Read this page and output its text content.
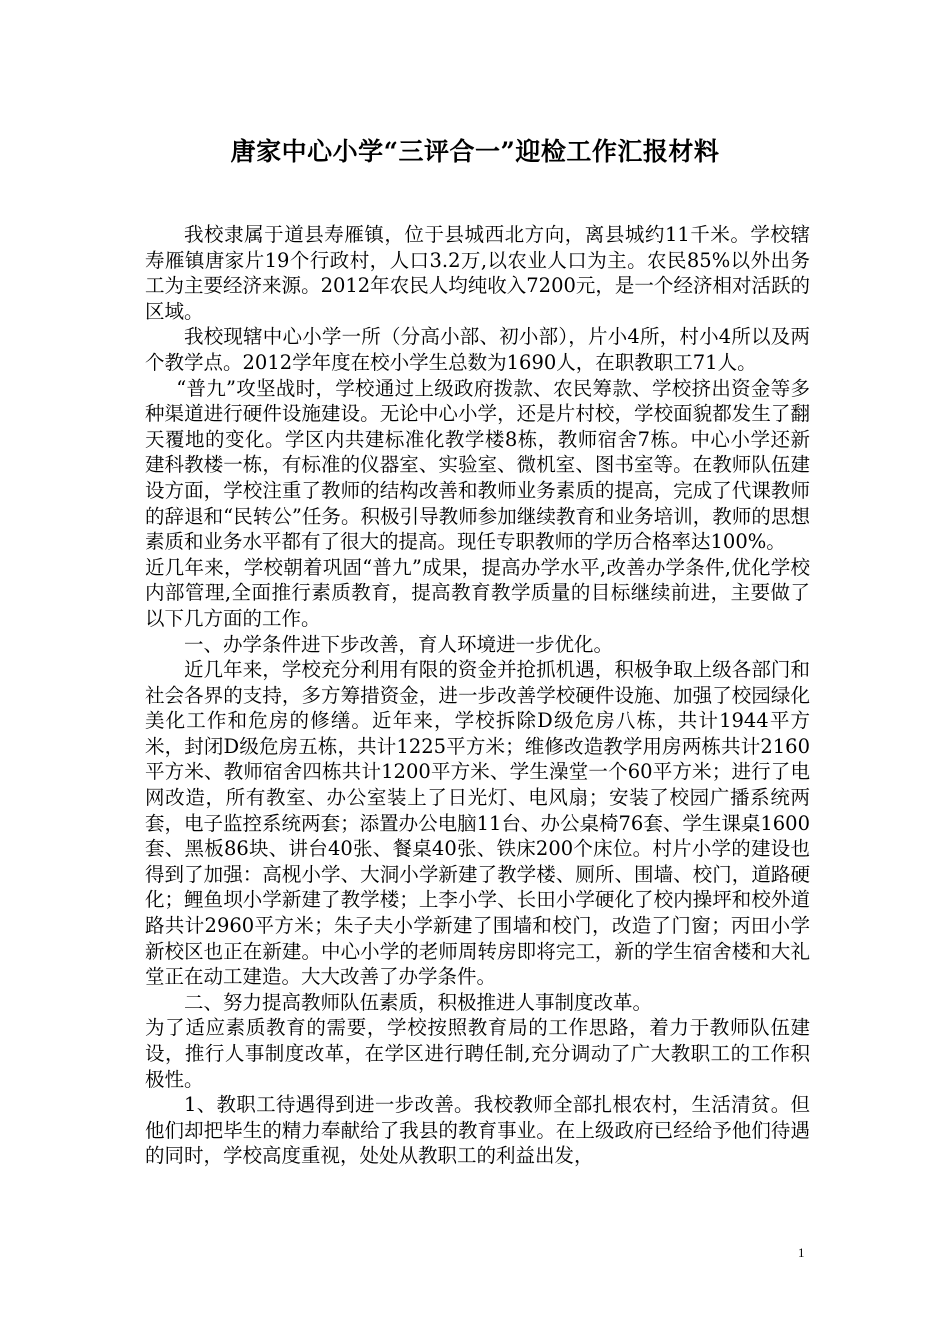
唐家中心小学“三评合一”迎检工作汇报材料

我校隶属于道县寿雁镇，位于县城西北方向，离县城约11千米。学校辖寿雁镇唐家片19个行政村，人口3.2万,以农业人口为主。农民85%以外出务工为主要经济来源。2012年农民人均纯收入7200元，是一个经济相对活跃的区域。

我校现辖中心小学一所（分高小部、初小部），片小4所，村小4所以及两个教学点。2012学年度在校小学生总数为1690人，在职教职工71人。

“普九”攻坚战时，学校通过上级政府拨款、农民筹款、学校挤出资金等多种渠道进行硬件设施建设。无论中心小学，还是片村校，学校面貌都发生了翻天覆地的变化。学区内共建标准化教学楼8栋，教师宿舍7栋。中心小学还新建科教楼一栋，有标准的仪器室、实验室、微机室、图书室等。在教师队伍建设方面，学校注重了教师的结构改善和教师业务素质的提高，完成了代课教师的辞退和“民转公”任务。积极引导教师参加继续教育和业务培训，教师的思想素质和业务水平都有了很大的提高。现任专职教师的学历合格率达100%。

近几年来，学校朝着巩固“普九”成果，提高办学水平,改善办学条件,优化学校内部管理,全面推行素质教育，提高教育教学质量的目标继续前进，主要做了以下几方面的工作。

一、办学条件进下步改善，育人环境进一步优化。

近几年来，学校充分利用有限的资金并抢抓机遇，积极争取上级各部门和社会各界的支持，多方筹措资金，进一步改善学校硬件设施、加强了校园绿化美化工作和危房的修缮。近年来，学校拆除D级危房八栋，共计1944平方米，封闭D级危房五栋，共计1225平方米；维修改造教学用房两栋共计2160平方米、教师宿舍四栋共计1200平方米、学生澡堂一个60平方米；进行了电网改造，所有教室、办公室装上了日光灯、电风扇；安装了校园广播系统两套，电子监控系统两套；添置办公电脑11台、办公桌椅76套、学生课桌1600套、黑板86块、讲台40张、餐桌40张、铁床200个床位。村片小学的建设也得到了加强：高枧小学、大洞小学新建了教学楼、厕所、围墙、校门，道路硬化；鲤鱼坝小学新建了教学楼；上李小学、长田小学硬化了校内操坪和校外道路共计2960平方米；朱子夫小学新建了围墙和校门，改造了门窗；丙田小学新校区也正在新建。中心小学的老师周转房即将完工，新的学生宿舍楼和大礼堂正在动工建造。大大改善了办学条件。

二、努力提高教师队伍素质，积极推进人事制度改革。

为了适应素质教育的需要，学校按照教育局的工作思路，着力于教师队伍建设，推行人事制度改革，在学区进行聘任制,充分调动了广大教职工的工作积极性。

1、教职工待遇得到进一步改善。我校教师全部扎根农村，生活清贫。但他们却把毕生的精力奉献给了我县的教育事业。在上级政府已经给予他们待遇的同时，学校高度重视，处处从教职工的利益出发，

1
